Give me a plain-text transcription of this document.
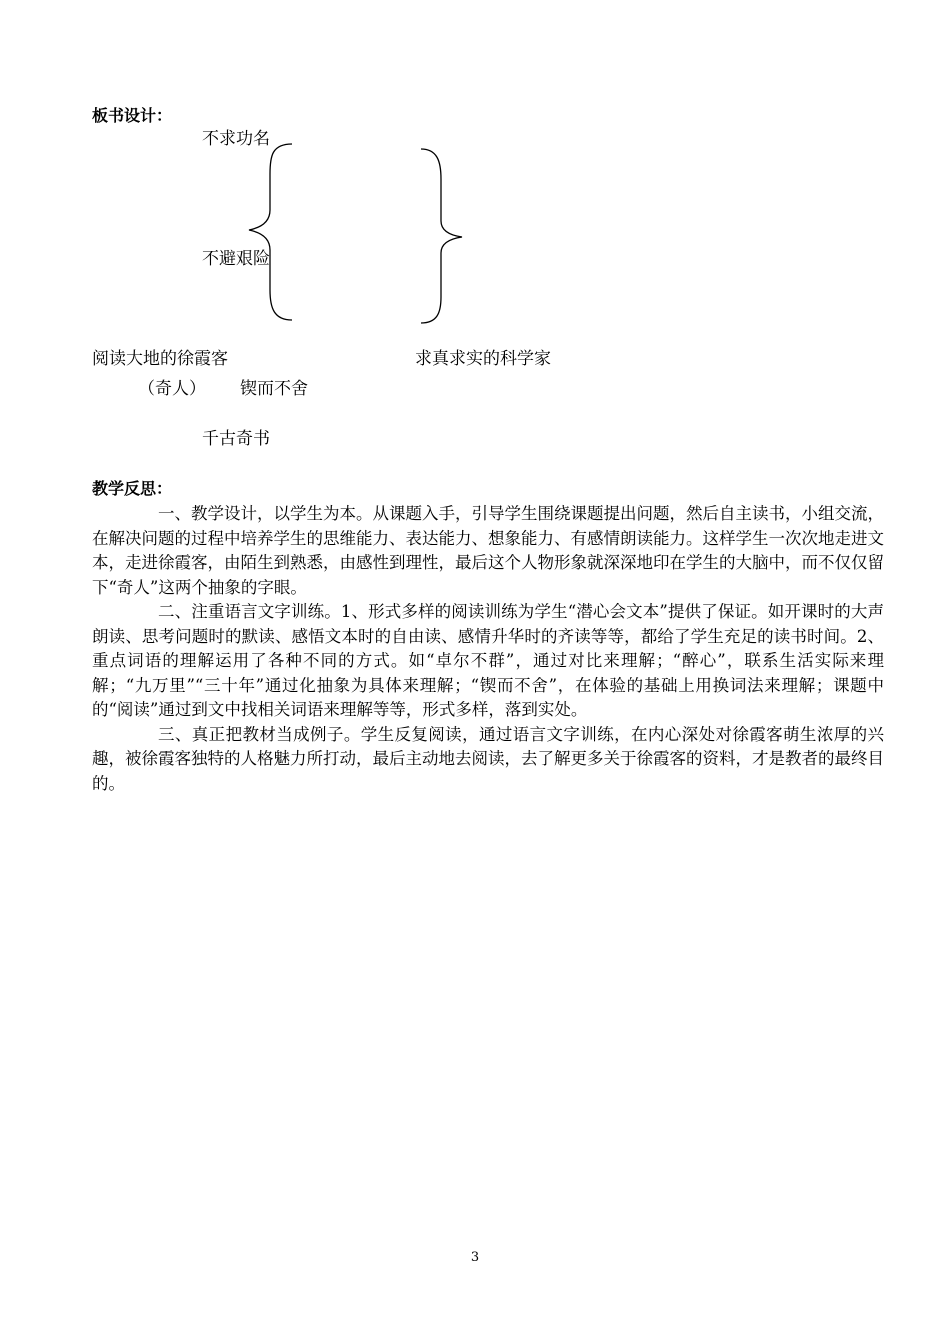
板书设计：
不求功名
不避艰险
阅读大地的徐霞客	求真求实的科学家
（奇人） 锲而不舍
千古奇书
教学反思：

一、教学设计，以学生为本。从课题入手，引导学生围绕课题提出问题，然后自主读书，小组交流，在解决问题的过程中培养学生的思维能力、表达能力、想象能力、有感情朗读能力。这样学生一次次地走进文本，走进徐霞客，由陌生到熟悉，由感性到理性，最后这个人物形象就深深地印在学生的大脑中，而不仅仅留下“奇人”这两个抽象的字眼。

二、注重语言文字训练。1、形式多样的阅读训练为学生“潜心会文本”提供了保证。如开课时的大声朗读、思考问题时的默读、感悟文本时的自由读、感情升华时的齐读等等，都给了学生充足的读书时间。2、重点词语的理解运用了各种不同的方式。如“卓尔不群”，通过对比来理解；“醉心”，联系生活实际来理解；“九万里”“三十年”通过化抽象为具体来理解；“锲而不舍”，在体验的基础上用换词法来理解；课题中的“阅读”通过到文中找相关词语来理解等等，形式多样，落到实处。

三、真正把教材当成例子。学生反复阅读，通过语言文字训练，在内心深处对徐霞客萌生浓厚的兴趣，被徐霞客独特的人格魅力所打动，最后主动地去阅读，去了解更多关于徐霞客的资料，才是教者的最终目的。

3
